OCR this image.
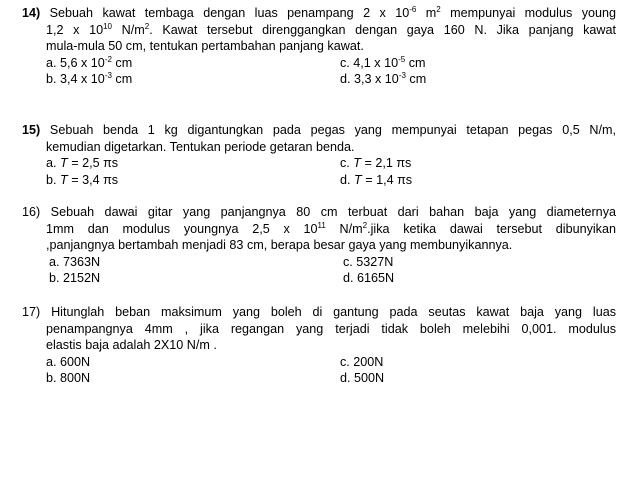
14) Sebuah kawat tembaga dengan luas penampang 2 x $10^{-6}$ $m^2$ mempunyai modulus young
1,2 x $10^{10}$ $N/m^2$. Kawat tersebut direnggangkan dengan gaya 160 N. Jika panjang kawat
mula-mula 50 cm, tentukan pertambahan panjang kawat.
a. 5,6 x $10^{-2}$ cm	c. 4,1 x $10^{-5}$ cm
b. 3,4 x $10^{-3}$ cm	d. 3,3 x $10^{-3}$ cm
15) Sebuah benda 1 kg digantungkan pada pegas yang mempunyai tetapan pegas 0,5 N/m,
kemudian digetarkan. Tentukan periode getaran benda.
a. T = 2,5 πs	c. T = 2,1 πs
b. T = 3,4 πs	d. T = 1,4 πs
16) Sebuah dawai gitar yang panjangnya 80 cm terbuat dari bahan baja yang diameternya
1mm dan modulus youngnya 2,5 x $10^{11}$ $N/m^2.jika$ ketika dawai tersebut dibunyikan
,panjangnya bertambah menjadi 83 cm, berapa besar gaya yang membunyikannya.
a. 7363N	c. 5327N
b. 2152N	d. 6165N
17) Hitunglah beban maksimum yang boleh di gantung pada seutas kawat baja yang luas
penampangnya 4mm , jika regangan yang terjadi tidak boleh melebihi 0,001. modulus
elastis baja adalah 2X10 N/m .
a. 600N	c. 200N
b. 800N	d. 500N
